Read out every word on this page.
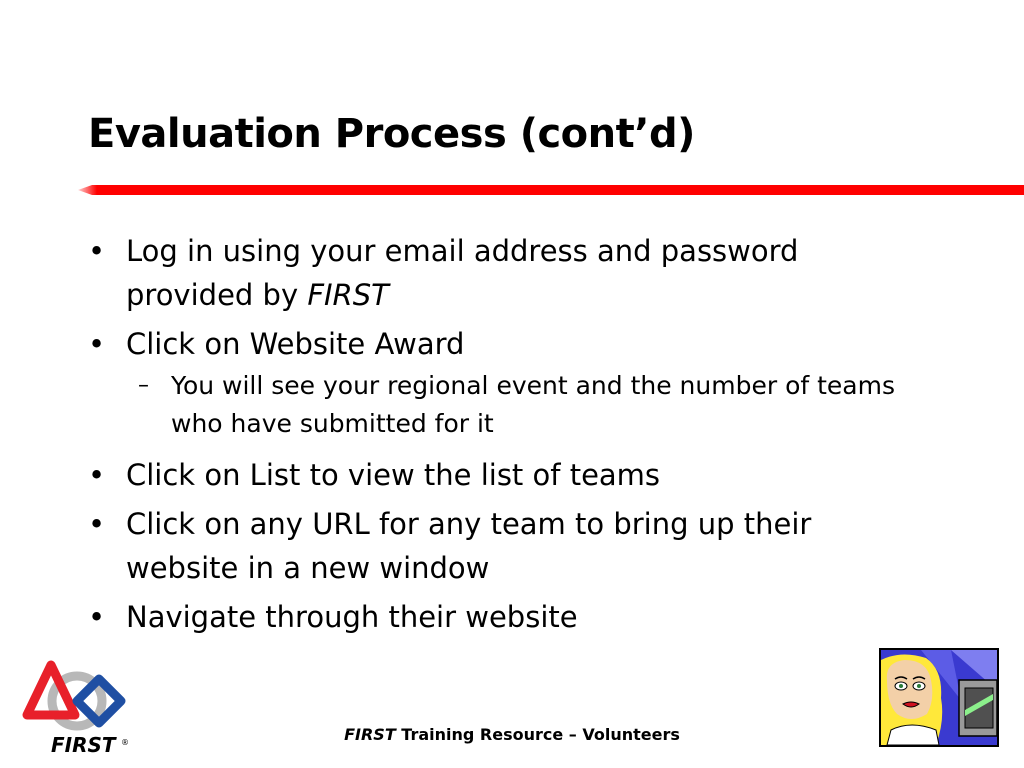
Evaluation Process (cont’d)
• Log in using your email address and password provided by FIRST
• Click on Website Award
– You will see your regional event and the number of teams who have submitted for it
• Click on List to view the list of teams
• Click on any URL for any team to bring up their website in a new window
• Navigate through their website
FIRST ®	FIRST Training Resource – Volunteers
